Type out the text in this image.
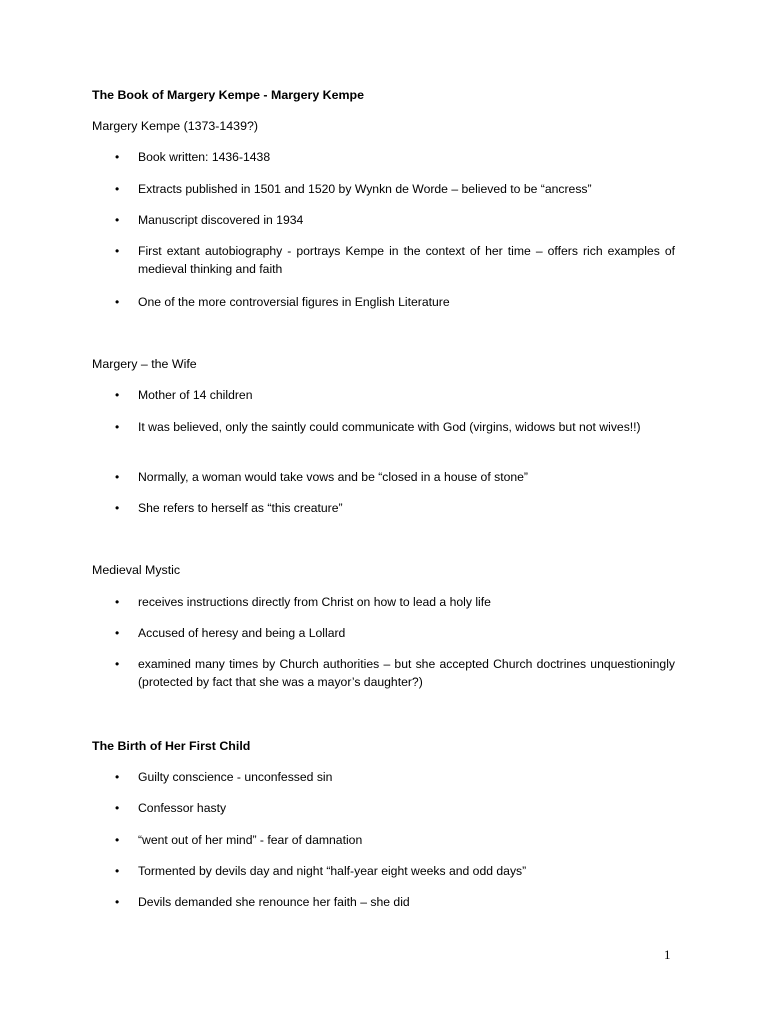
The Book of Margery Kempe - Margery Kempe
Margery Kempe (1373-1439?)
• Book written: 1436-1438
• Extracts published in 1501 and 1520 by Wynkn de Worde – believed to be “ancress”
• Manuscript discovered in 1934
• First extant autobiography - portrays Kempe in the context of her time – offers rich examples of medieval thinking and faith
• One of the more controversial figures in English Literature
Margery – the Wife
• Mother of 14 children
• It was believed, only the saintly could communicate with God (virgins, widows but not wives!!)
• Normally, a woman would take vows and be “closed in a house of stone”
• She refers to herself as “this creature”
Medieval Mystic
• receives instructions directly from Christ on how to lead a holy life
• Accused of heresy and being a Lollard
• examined many times by Church authorities – but she accepted Church doctrines unquestioningly (protected by fact that she was a mayor’s daughter?)
The Birth of Her First Child
• Guilty conscience - unconfessed sin
• Confessor hasty
• “went out of her mind” - fear of damnation
• Tormented by devils day and night “half-year eight weeks and odd days”
• Devils demanded she renounce her faith – she did
1
